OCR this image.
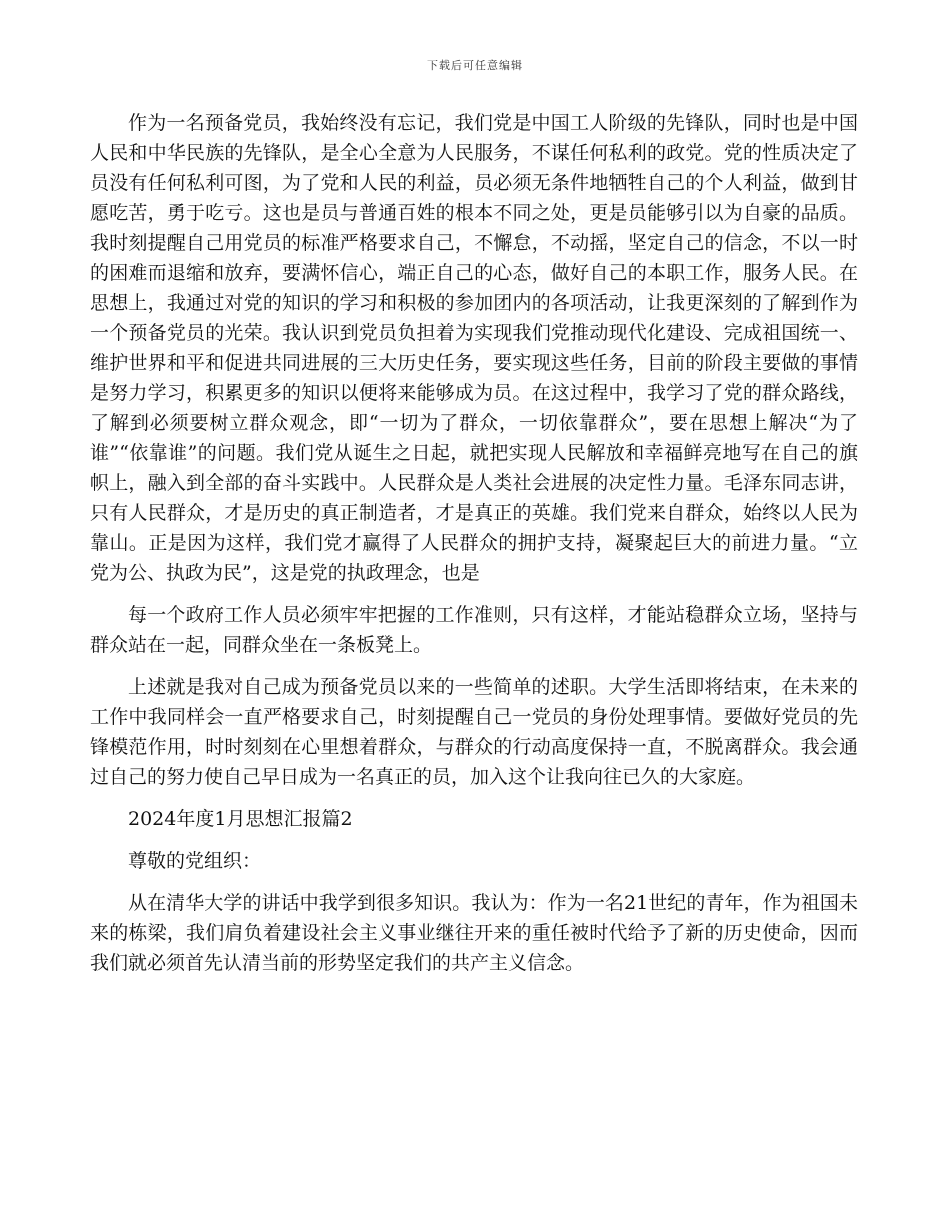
下载后可任意编辑

作为一名预备党员，我始终没有忘记，我们党是中国工人阶级的先锋队，同时也是中国人民和中华民族的先锋队，是全心全意为人民服务，不谋任何私利的政党。党的性质决定了员没有任何私利可图，为了党和人民的利益，员必须无条件地牺牲自己的个人利益，做到甘愿吃苦，勇于吃亏。这也是员与普通百姓的根本不同之处，更是员能够引以为自豪的品质。我时刻提醒自己用党员的标准严格要求自己，不懈怠，不动摇，坚定自己的信念，不以一时的困难而退缩和放弃，要满怀信心，端正自己的心态，做好自己的本职工作，服务人民。在思想上，我通过对党的知识的学习和积极的参加团内的各项活动，让我更深刻的了解到作为一个预备党员的光荣。我认识到党员负担着为实现我们党推动现代化建设、完成祖国统一、维护世界和平和促进共同进展的三大历史任务，要实现这些任务，目前的阶段主要做的事情是努力学习，积累更多的知识以便将来能够成为员。在这过程中，我学习了党的群众路线，了解到必须要树立群众观念，即“一切为了群众，一切依靠群众”，要在思想上解决“为了谁”“依靠谁”的问题。我们党从诞生之日起，就把实现人民解放和幸福鲜亮地写在自己的旗帜上，融入到全部的奋斗实践中。人民群众是人类社会进展的决定性力量。毛泽东同志讲，只有人民群众，才是历史的真正制造者，才是真正的英雄。我们党来自群众，始终以人民为靠山。正是因为这样，我们党才赢得了人民群众的拥护支持，凝聚起巨大的前进力量。“立党为公、执政为民”，这是党的执政理念，也是

每一个政府工作人员必须牢牢把握的工作准则，只有这样，才能站稳群众立场，坚持与群众站在一起，同群众坐在一条板凳上。

上述就是我对自己成为预备党员以来的一些简单的述职。大学生活即将结束，在未来的工作中我同样会一直严格要求自己，时刻提醒自己一党员的身份处理事情。要做好党员的先锋模范作用，时时刻刻在心里想着群众，与群众的行动高度保持一直，不脱离群众。我会通过自己的努力使自己早日成为一名真正的员，加入这个让我向往已久的大家庭。

2024年度1月思想汇报篇2

尊敬的党组织：

从在清华大学的讲话中我学到很多知识。我认为：作为一名21世纪的青年，作为祖国未来的栋梁，我们肩负着建设社会主义事业继往开来的重任被时代给予了新的历史使命，因而我们就必须首先认清当前的形势坚定我们的共产主义信念。
